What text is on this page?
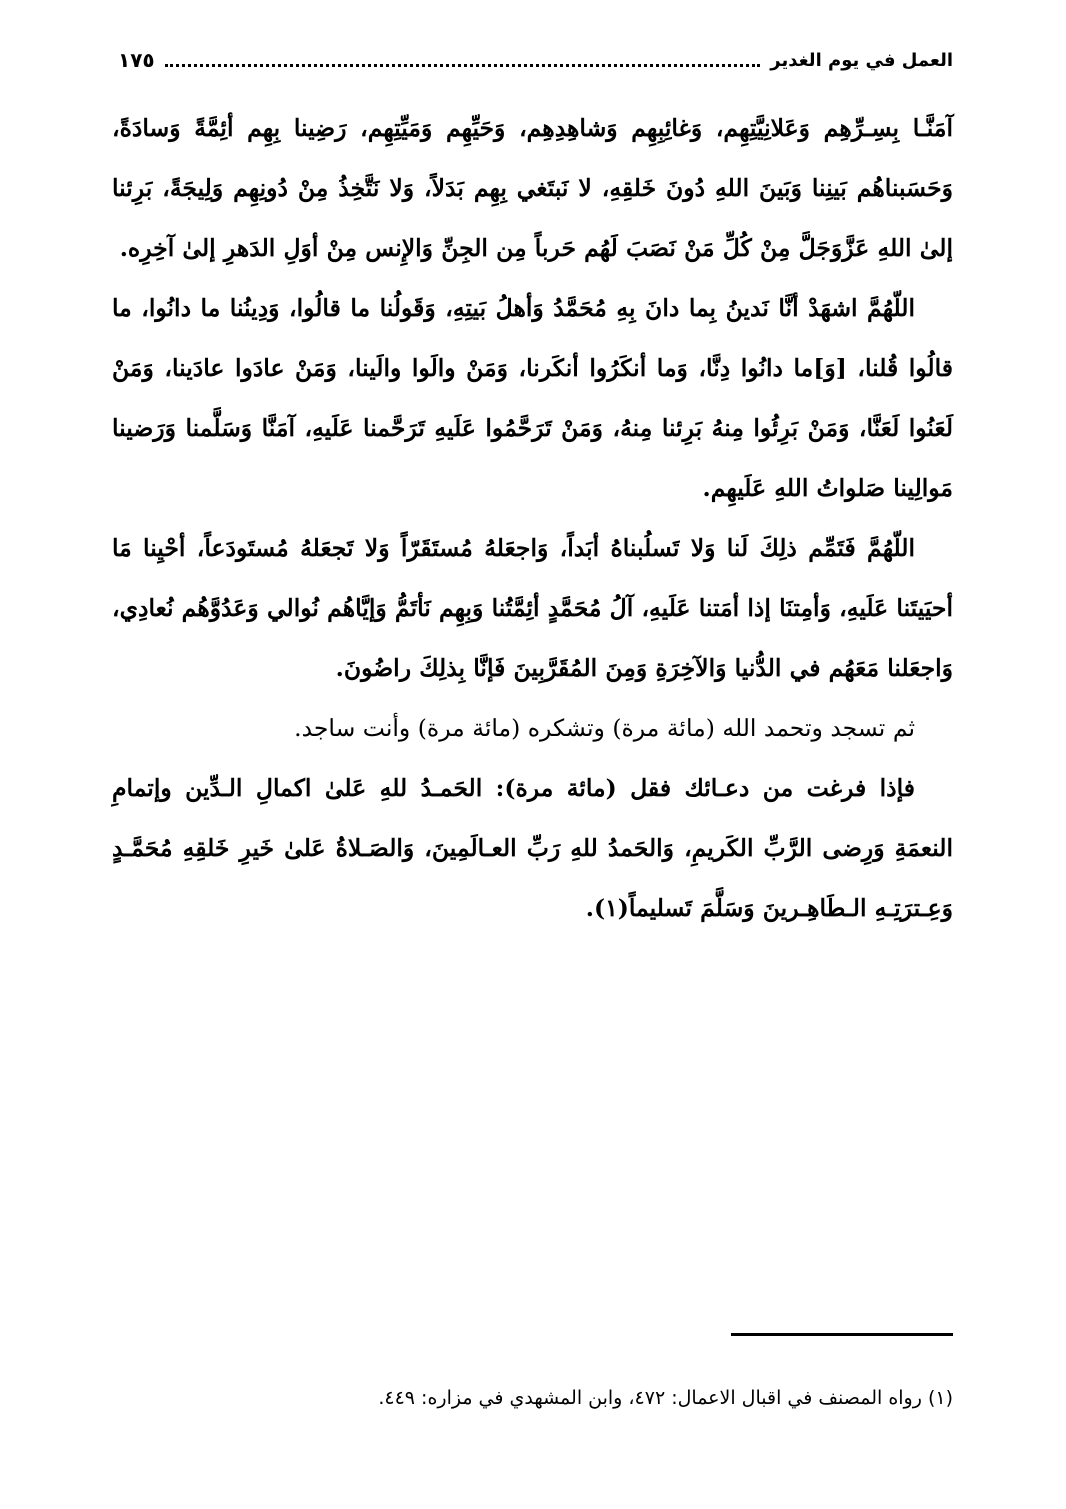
العمل في يوم الغدير
١٧٥

آمَنَّـا بِسِـرِّهِم وَعَلانِيَّتِهِم، وَغائِبِهِم وَشاهِدِهِم، وَحَيِّهِم وَمَيِّتِهِم، رَضِينا بِهِم أئِمَّةً وَسادَةً، وَحَسَبناهُم بَينِنا وَبَينَ اللهِ دُونَ خَلقِهِ، لا نَبتَغي بِهِم بَدَلاً، وَلا نَتَّخِذُ مِنْ دُونِهِم وَلِيجَةً، بَرِئنا إلىٰ اللهِ عَزَّوَجَلَّ مِنْ كُلِّ مَنْ نَصَبَ لَهُم حَرباً مِن الجِنِّ وَالإِنس مِنْ أوَلِ الدَهرِ إلىٰ آخِرِه.

اللّهُمَّ اشهَدْ أنَّا نَدينُ بِما دانَ بِهِ مُحَمَّدُ وَأهلُ بَيتِهِ، وَقَولُنا ما قالُوا، وَدِينُنا ما دانُوا، ما قالُوا قُلنا، [وَ]ما دانُوا دِنَّا، وَما أنكَرُوا أنكَرنا، وَمَنْ والَوا والَينا، وَمَنْ عادَوا عادَينا، وَمَنْ لَعَنُوا لَعَنَّا، وَمَنْ بَرِئُوا مِنهُ بَرِئنا مِنهُ، وَمَنْ تَرَحَّمُوا عَلَيهِ تَرَحَّمنا عَلَيهِ، آمَنَّا وَسَلَّمنا وَرَضينا مَوالِينا صَلواتُ اللهِ عَلَيهِم.

اللّهُمَّ فَتَمِّم ذلِكَ لَنا وَلا تَسلُبناهُ أبَداً، وَاجعَلهُ مُستَقَرّاً وَلا تَجعَلهُ مُستَودَعاً، أحْيِنا مَا أحيَيتَنا عَلَيهِ، وَأمِتنَا إذا أمَتنا عَلَيهِ، آلُ مُحَمَّدٍ أئِمَّتُنا وَبِهِم نَأتَمُّ وَإيَّاهُم نُوالي وَعَدُوَّهُم نُعادِي، وَاجعَلنا مَعَهُم في الدُّنيا وَالآخِرَةِ وَمِنَ المُقَرَّبِينَ فَإنَّا بِذلِكَ راضُونَ.

ثم تسجد وتحمد الله (مائة مرة) وتشكره (مائة مرة) وأنت ساجد.

فإذا فرغت من دعـائك فقل (مائة مرة): الحَمـدُ للهِ عَلىٰ اكمالِ الـدِّين وإتمامِ النعمَةِ وَرِضى الرَّبِّ الكَريمِ، وَالحَمدُ للهِ رَبِّ العـالَمِينَ، وَالصَـلاةُ عَلىٰ خَيرِ خَلقِهِ مُحَمَّـدٍ وَعِـترَتِـهِ الـطَاهِـرينَ وَسَلَّمَ تَسليماً(١).

(١) رواه المصنف في اقبال الاعمال: ٤٧٢، وابن المشهدي في مزاره: ٤٤٩.
